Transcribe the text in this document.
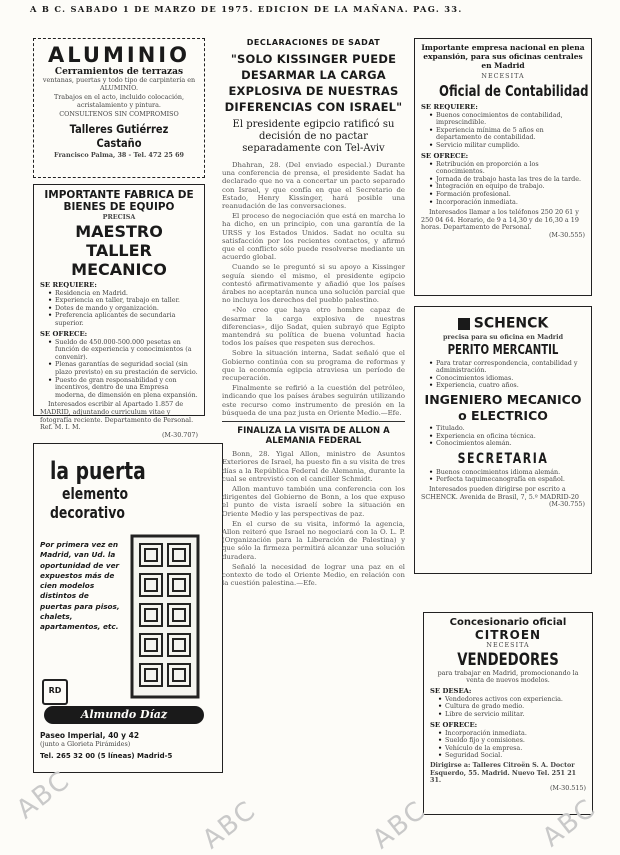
A B C. SABADO 1 DE MARZO DE 1975. EDICION DE LA MAÑANA. PAG. 33.
ALUMINIO
Cerramientos de terrazas
ventanas, puertas y todo tipo de carpintería en ALUMINIO.
Trabajos en el acto, incluido colocación, acristalamiento y pintura.
CONSULTENOS SIN COMPROMISO
Talleres Gutiérrez Castaño
Francisco Palma, 38 - Tel. 472 25 69
IMPORTANTE FABRICA DE BIENES DE EQUIPO
PRECISA
MAESTRO TALLER MECANICO
SE REQUIERE:
• Residencia en Madrid.
• Experiencia en taller, trabajo en taller.
• Dotes de mando y organización.
• Preferencia aplicantes de secundaria superior.
SE OFRECE:
• Sueldo de 450.000-500.000 pesetas en función de experiencia y conocimientos (a convenir).
• Plenas garantías de seguridad social (sin plazo previsto) en su prestación de servicio.
• Puesto de gran responsabilidad y con incentivos, dentro de una Empresa moderna, de dimensión en plena expansión.
Interesados escribir al Apartado 1.857 de MADRID, adjuntando curriculum vitae y fotografía reciente. Departamento de Personal. Ref. M. I. M.
(M-30.707)
la puerta
elemento
decorativo
Por primera vez en Madrid, van Ud. la oportunidad de ver expuestos más de cien modelos distintos de puertas para pisos, chalets, apartamentos, etc.
RD
Almundo Díaz
Paseo Imperial, 40 y 42
(junto a Glorieta Pirámides)
Tel. 265 32 00 (5 líneas) Madrid-5
DECLARACIONES DE SADAT
"SOLO KISSINGER PUEDE DESARMAR LA CARGA EXPLOSIVA DE NUESTRAS DIFERENCIAS CON ISRAEL"
El presidente egipcio ratificó su decisión de no pactar separadamente con Tel-Aviv

Dhahran, 28. (Del enviado especial.) Durante una conferencia de prensa, el presidente Sadat ha declarado que no va a concertar un pacto separado con Israel, y que confía en que el Secretario de Estado, Henry Kissinger, hará posible una reanudación de las conversaciones.

El proceso de negociación que está en marcha lo ha dicho, en un principio, con una garantía de la URSS y los Estados Unidos. Sadat no oculta su satisfacción por los recientes contactos, y afirmó que el conflicto sólo puede resolverse mediante un acuerdo global.

Cuando se le preguntó si su apoyo a Kissinger seguía siendo el mismo, el presidente egipcio contestó afirmativamente y añadió que los países árabes no aceptarán nunca una solución parcial que no incluya los derechos del pueblo palestino.

«No creo que haya otro hombre capaz de desarmar la carga explosiva de nuestras diferencias», dijo Sadat, quien subrayó que Egipto mantendrá su política de buena voluntad hacia todos los países que respeten sus derechos.

Sobre la situación interna, Sadat señaló que el Gobierno continúa con su programa de reformas y que la economía egipcia atraviesa un período de recuperación.

Finalmente se refirió a la cuestión del petróleo, indicando que los países árabes seguirán utilizando este recurso como instrumento de presión en la búsqueda de una paz justa en Oriente Medio.—Efe.

FINALIZA LA VISITA DE ALLON A ALEMANIA FEDERAL

Bonn, 28. Yigal Allon, ministro de Asuntos Exteriores de Israel, ha puesto fin a su visita de tres días a la República Federal de Alemania, durante la cual se entrevistó con el canciller Schmidt.

Allon mantuvo también una conferencia con los dirigentes del Gobierno de Bonn, a los que expuso el punto de vista israelí sobre la situación en Oriente Medio y las perspectivas de paz.

En el curso de su visita, informó la agencia, Allon reiteró que Israel no negociará con la O. L. P. (Organización para la Liberación de Palestina) y que sólo la firmeza permitirá alcanzar una solución duradera.

Señaló la necesidad de lograr una paz en el contexto de todo el Oriente Medio, en relación con la cuestión palestina.—Efe.

Importante empresa nacional en plena expansión, para sus oficinas centrales en Madrid
NECESITA
Oficial de Contabilidad
SE REQUIERE:
• Buenos conocimientos de contabilidad, imprescindible.
• Experiencia mínima de 5 años en departamento de contabilidad.
• Servicio militar cumplido.
SE OFRECE:
• Retribución en proporción a los conocimientos.
• Jornada de trabajo hasta las tres de la tarde.
• Integración en equipo de trabajo.
• Formación profesional.
• Incorporación inmediata.
Interesados llamar a los teléfonos 250 20 61 y 250 04 64. Horario, de 9 a 14,30 y de 16,30 a 19 horas. Departamento de Personal.
(M-30.555)
SCHENCK
precisa para su oficina en Madrid
PERITO MERCANTIL
• Para tratar correspondencia, contabilidad y administración.
• Conocimientos idiomas.
• Experiencia, cuatro años.
INGENIERO MECANICO o ELECTRICO
• Titulado.
• Experiencia en oficina técnica.
• Conocimientos alemán.
SECRETARIA
• Buenos conocimientos idioma alemán.
• Perfecta taquimecanografía en español.
Interesados pueden dirigirse por escrito a SCHENCK. Avenida de Brasil, 7, 5.º MADRID-20
(M-30.755)
Concesionario oficial
CITROEN
NECESITA
VENDEDORES
para trabajar en Madrid, promocionando la venta de nuevos modelos.
SE DESEA:
• Vendedores activos con experiencia.
• Cultura de grado medio.
• Libre de servicio militar.
SE OFRECE:
• Incorporación inmediata.
• Sueldo fijo y comisiones.
• Vehículo de la empresa.
• Seguridad Social.
Dirigirse a: Talleres Citroën S. A. Doctor Esquerdo, 55. Madrid. Nuevo Tel. 251 21 31.
(M-30.515)
ABC	ABC	ABC	ABC
